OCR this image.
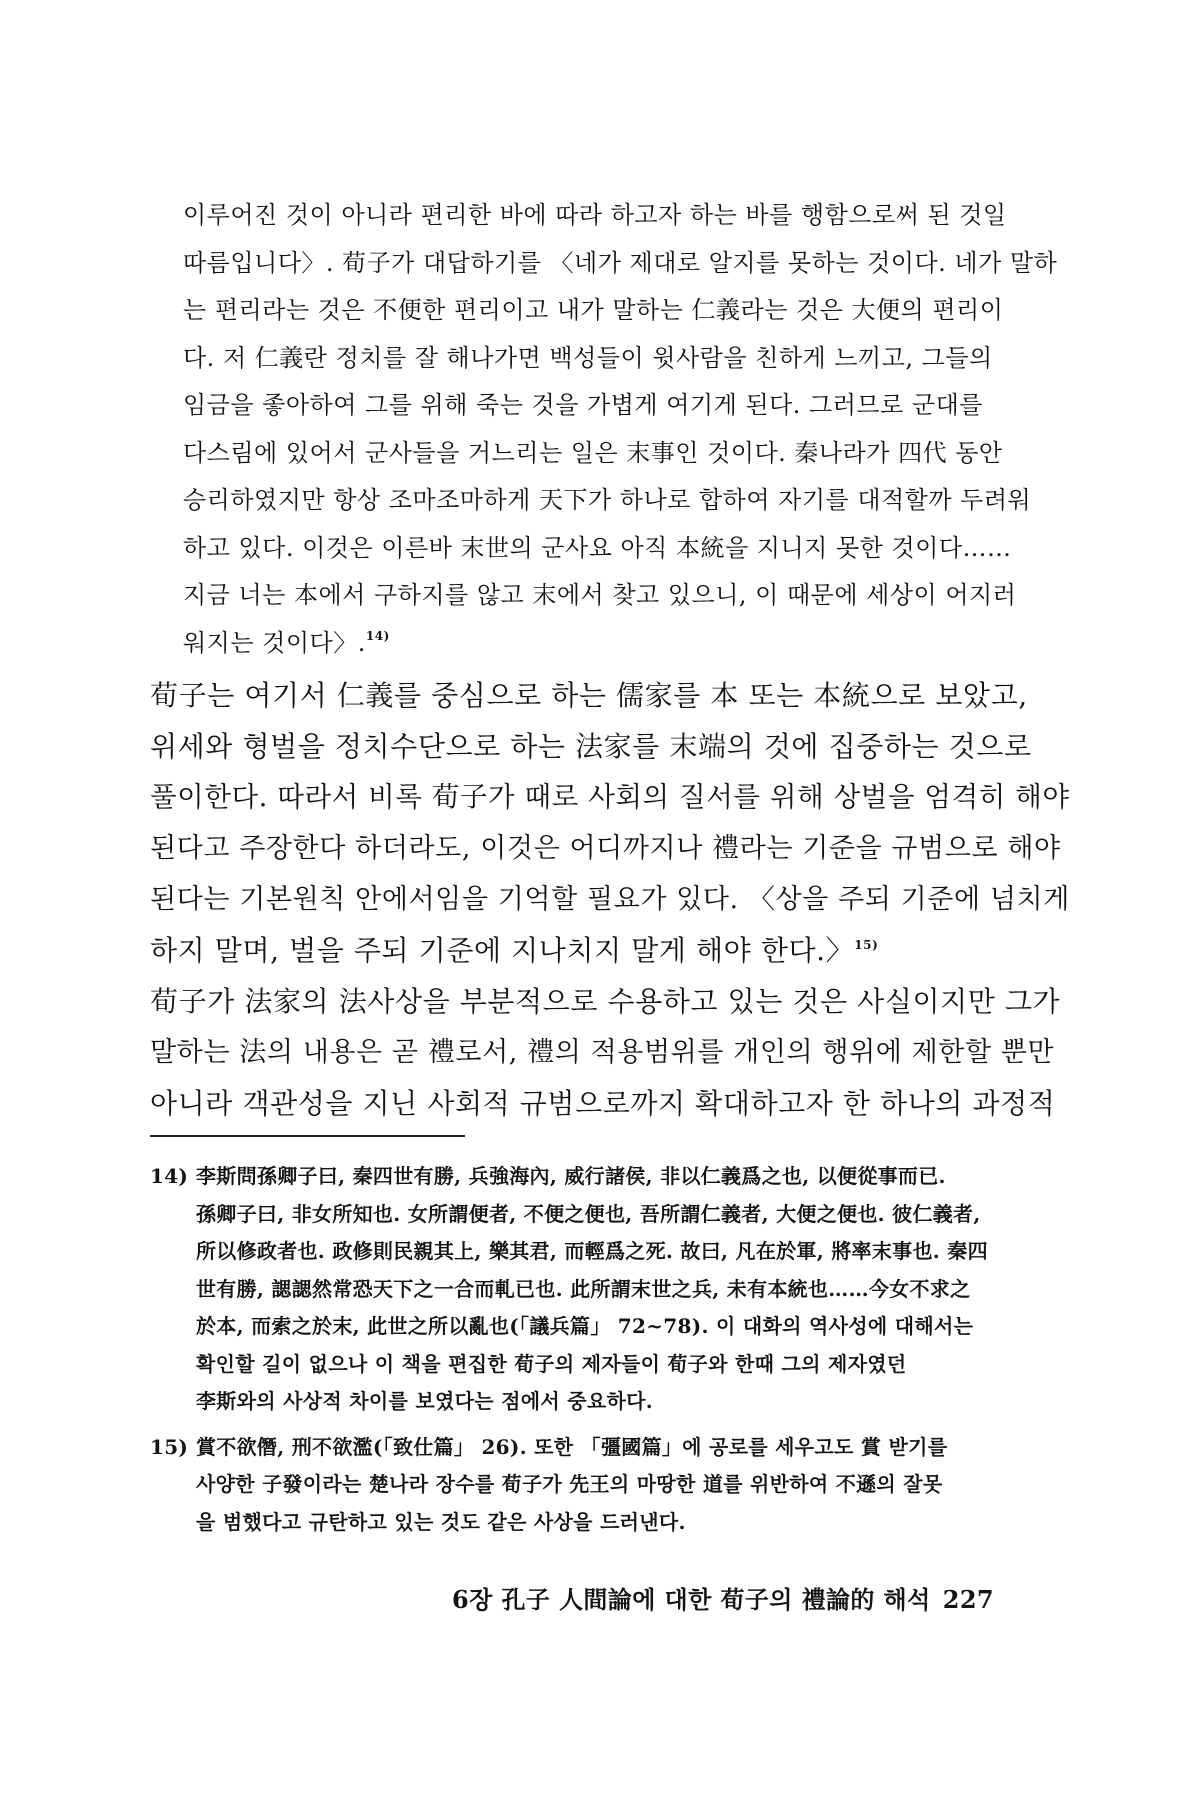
이루어진 것이 아니라 편리한 바에 따라 하고자 하는 바를 행함으로써 된 것일
따름입니다〉. 荀子가 대답하기를 〈네가 제대로 알지를 못하는 것이다. 네가 말하
는 편리라는 것은 不便한 편리이고 내가 말하는 仁義라는 것은 大便의 편리이
다. 저 仁義란 정치를 잘 해나가면 백성들이 윗사람을 친하게 느끼고, 그들의
임금을 좋아하여 그를 위해 죽는 것을 가볍게 여기게 된다. 그러므로 군대를
다스림에 있어서 군사들을 거느리는 일은 末事인 것이다. 秦나라가 四代 동안
승리하였지만 항상 조마조마하게 天下가 하나로 합하여 자기를 대적할까 두려워
하고 있다. 이것은 이른바 末世의 군사요 아직 本統을 지니지 못한 것이다……
지금 너는 本에서 구하지를 않고 末에서 찾고 있으니, 이 때문에 세상이 어지러
워지는 것이다〉.$^{14)}$
荀子는 여기서 仁義를 중심으로 하는 儒家를 本 또는 本統으로 보았고,
위세와 형벌을 정치수단으로 하는 法家를 末端의 것에 집중하는 것으로
풀이한다. 따라서 비록 荀子가 때로 사회의 질서를 위해 상벌을 엄격히 해야
된다고 주장한다 하더라도, 이것은 어디까지나 禮라는 기준을 규범으로 해야
된다는 기본원칙 안에서임을 기억할 필요가 있다. 〈상을 주되 기준에 넘치게
하지 말며, 벌을 주되 기준에 지나치지 말게 해야 한다.〉$^{15)}$
荀子가 法家의 法사상을 부분적으로 수용하고 있는 것은 사실이지만 그가
말하는 法의 내용은 곧 禮로서, 禮의 적용범위를 개인의 행위에 제한할 뿐만
아니라 객관성을 지닌 사회적 규범으로까지 확대하고자 한 하나의 과정적
14) 李斯問孫卿子曰, 秦四世有勝, 兵強海內, 威行諸侯, 非以仁義爲之也, 以便從事而已.
孫卿子曰, 非女所知也. 女所謂便者, 不便之便也, 吾所謂仁義者, 大便之便也. 彼仁義者,
所以修政者也. 政修則民親其上, 樂其君, 而輕爲之死. 故曰, 凡在於軍, 將率末事也. 秦四
世有勝, 諰諰然常恐天下之一合而軋已也. 此所謂末世之兵, 未有本統也……今女不求之
於本, 而索之於末, 此世之所以亂也(「議兵篇」 72~78). 이 대화의 역사성에 대해서는
확인할 길이 없으나 이 책을 편집한 荀子의 제자들이 荀子와 한때 그의 제자였던
李斯와의 사상적 차이를 보였다는 점에서 중요하다.
15) 賞不欲僭, 刑不欲濫(「致仕篇」 26). 또한 「彊國篇」에 공로를 세우고도 賞 받기를
사양한 子發이라는 楚나라 장수를 荀子가 先王의 마땅한 道를 위반하여 不遜의 잘못
을 범했다고 규탄하고 있는 것도 같은 사상을 드러낸다.
6장 孔子 人間論에 대한 荀子의 禮論的 해석 227
